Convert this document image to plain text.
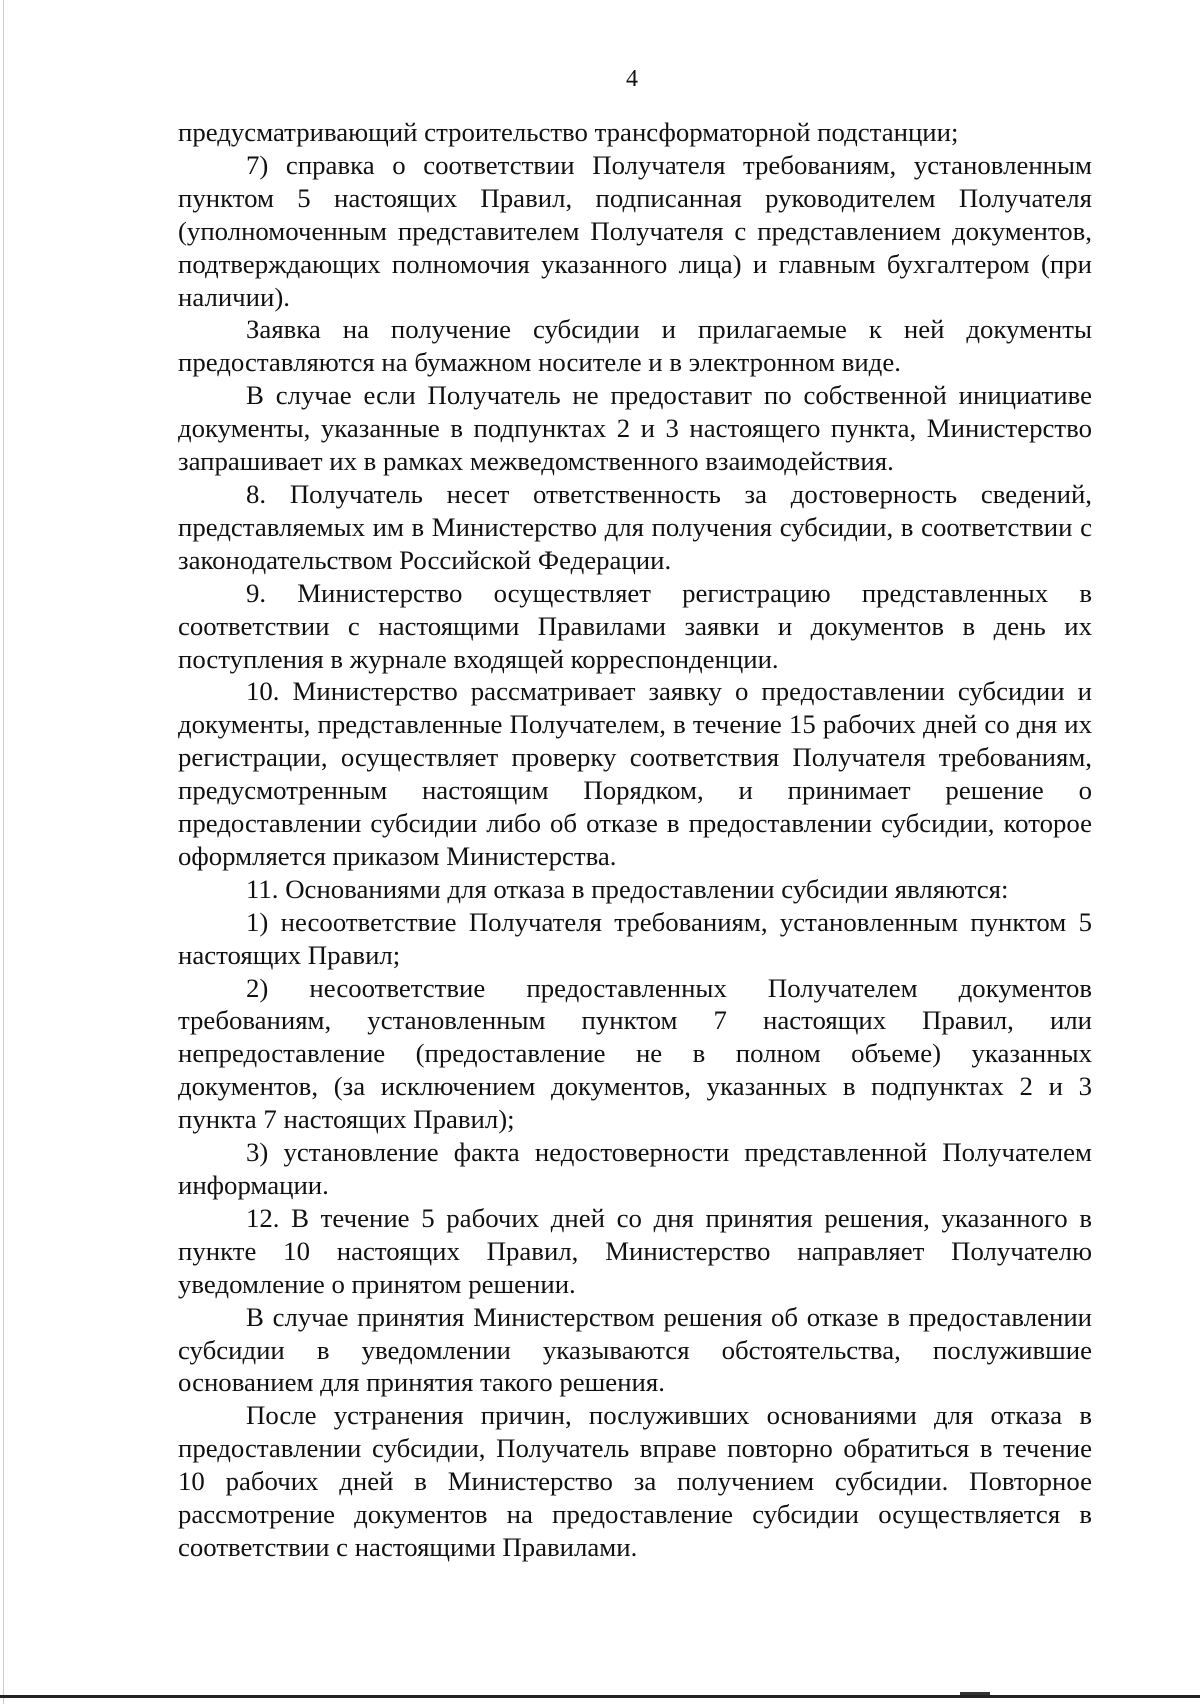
4

предусматривающий строительство трансформаторной подстанции;

7) справка о соответствии Получателя требованиям, установленным пунктом 5 настоящих Правил, подписанная руководителем Получателя (уполномоченным представителем Получателя с представлением документов, подтверждающих полномочия указанного лица) и главным бухгалтером (при наличии).

Заявка на получение субсидии и прилагаемые к ней документы предоставляются на бумажном носителе и в электронном виде.

В случае если Получатель не предоставит по собственной инициативе документы, указанные в подпунктах 2 и 3 настоящего пункта, Министерство запрашивает их в рамках межведомственного взаимодействия.

8. Получатель несет ответственность за достоверность сведений, представляемых им в Министерство для получения субсидии, в соответствии с законодательством Российской Федерации.

9. Министерство осуществляет регистрацию представленных в соответствии с настоящими Правилами заявки и документов в день их поступления в журнале входящей корреспонденции.

10. Министерство рассматривает заявку о предоставлении субсидии и документы, представленные Получателем, в течение 15 рабочих дней со дня их регистрации, осуществляет проверку соответствия Получателя требованиям, предусмотренным настоящим Порядком, и принимает решение о предоставлении субсидии либо об отказе в предоставлении субсидии, которое оформляется приказом Министерства.

11. Основаниями для отказа в предоставлении субсидии являются:

1) несоответствие Получателя требованиям, установленным пунктом 5 настоящих Правил;

2) несоответствие предоставленных Получателем документов требованиям, установленным пунктом 7 настоящих Правил, или непредоставление (предоставление не в полном объеме) указанных документов, (за исключением документов, указанных в подпунктах 2 и 3 пункта 7 настоящих Правил);

3) установление факта недостоверности представленной Получателем информации.

12. В течение 5 рабочих дней со дня принятия решения, указанного в пункте 10 настоящих Правил, Министерство направляет Получателю уведомление о принятом решении.

В случае принятия Министерством решения об отказе в предоставлении субсидии в уведомлении указываются обстоятельства, послужившие основанием для принятия такого решения.

После устранения причин, послуживших основаниями для отказа в предоставлении субсидии, Получатель вправе повторно обратиться в течение 10 рабочих дней в Министерство за получением субсидии. Повторное рассмотрение документов на предоставление субсидии осуществляется в соответствии с настоящими Правилами.
